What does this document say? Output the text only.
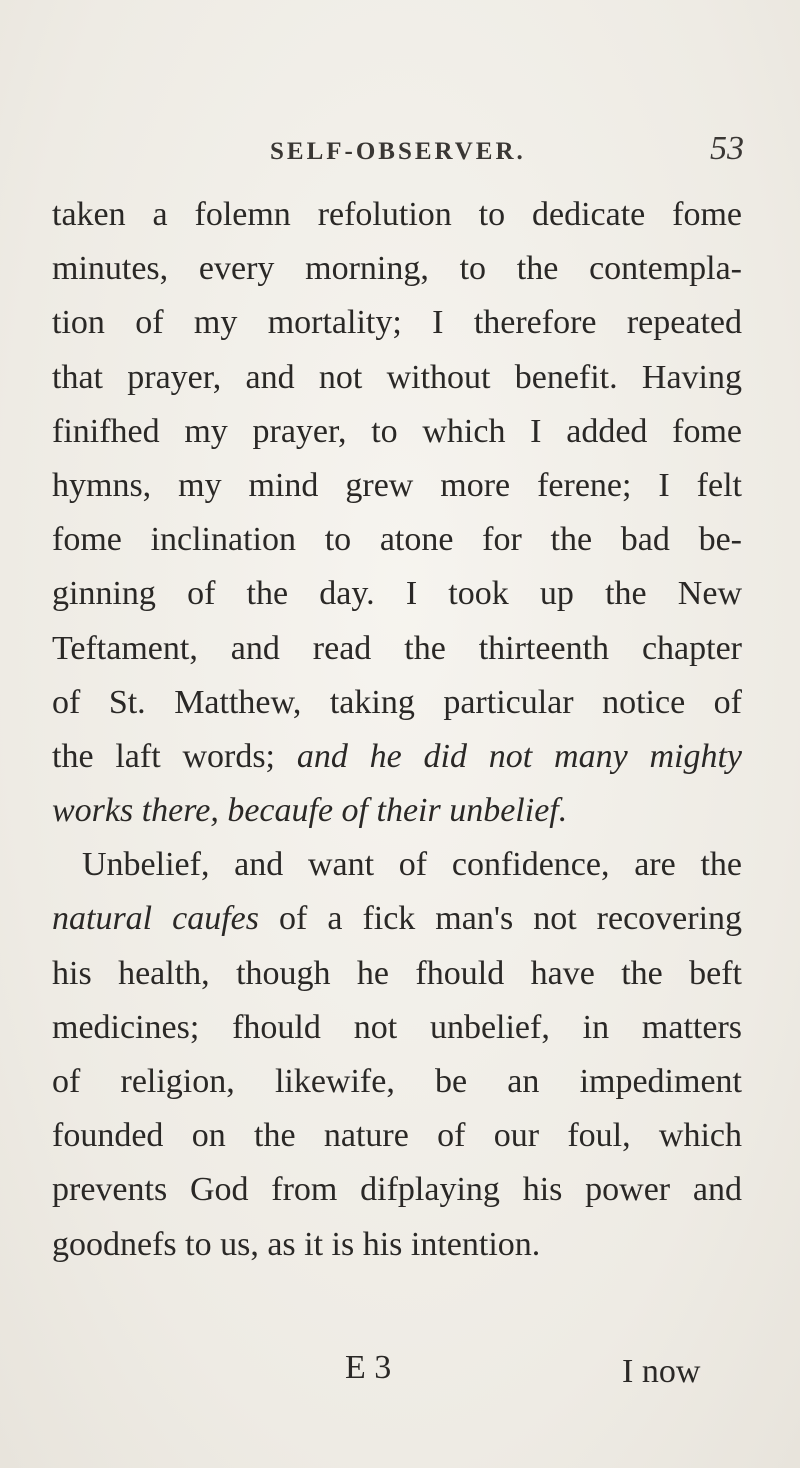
SELF-OBSERVER.	53
taken a folemn refolution to dedicate fome
minutes, every morning, to the contempla-
tion of my mortality; I therefore repeated
that prayer, and not without benefit. Having
finifhed my prayer, to which I added fome
hymns, my mind grew more ferene; I felt
fome inclination to atone for the bad be-
ginning of the day. I took up the New
Teftament, and read the thirteenth chapter
of St. Matthew, taking particular notice of
the laft words; and he did not many mighty
works there, becaufe of their unbelief.
Unbelief, and want of confidence, are the
natural caufes of a fick man's not recovering
his health, though he fhould have the beft
medicines; fhould not unbelief, in matters
of religion, likewife, be an impediment
founded on the nature of our foul, which
prevents God from difplaying his power and
goodnefs to us, as it is his intention.
E 3	I now
